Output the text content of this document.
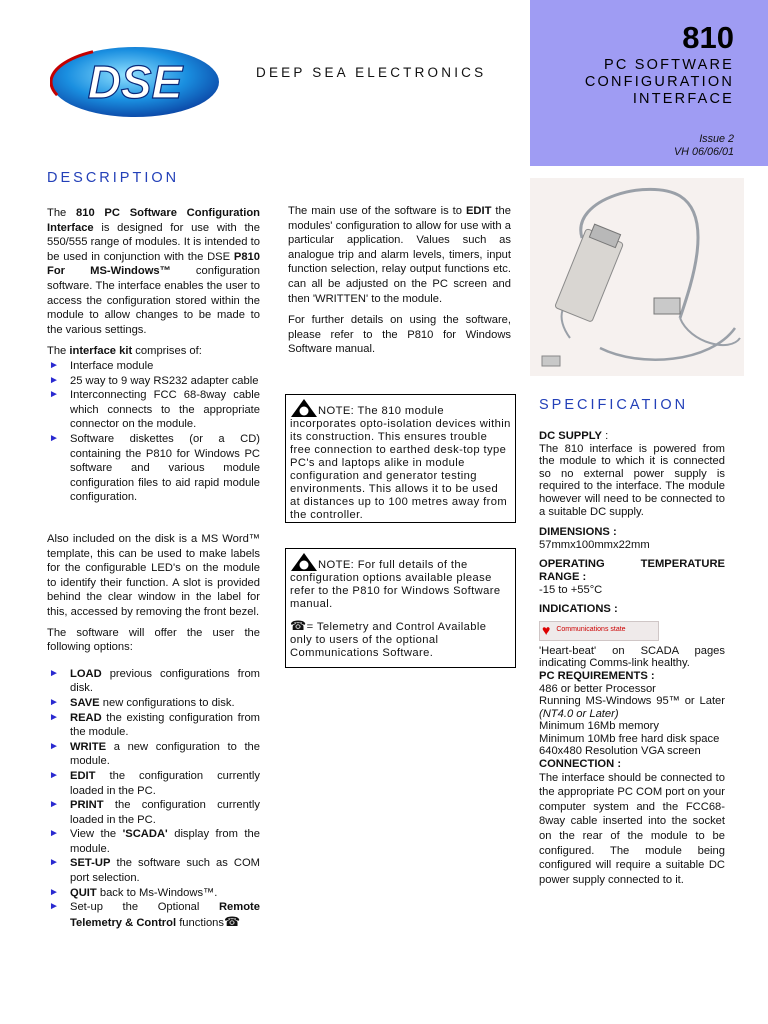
810
PC SOFTWARE
CONFIGURATION
INTERFACE
Issue 2
VH 06/06/01
DSE	DEEP SEA ELECTRONICS
DESCRIPTION

The 810 PC Software Configuration Interface is designed for use with the 550/555 range of modules. It is intended to be used in conjunction with the DSE P810 For MS-Windows™ configuration software. The interface enables the user to access the configuration stored within the module to allow changes to be made to the various settings.

The interface kit comprises of:

► Interface module
► 25 way to 9 way RS232 adapter cable
► Interconnecting FCC 68-8way cable which connects to the appropriate connector on the module.
► Software diskettes (or a CD) containing the P810 for Windows PC software and various module configuration files to aid rapid module configuration.

Also included on the disk is a MS Word™ template, this can be used to make labels for the configurable LED's on the module to identify their function. A slot is provided behind the clear window in the label for this, accessed by removing the front bezel.

The software will offer the user the following options:

► LOAD previous configurations from disk.
► SAVE new configurations to disk.
► READ the existing configuration from the module.
► WRITE a new configuration to the module.
► EDIT the configuration currently loaded in the PC.
► PRINT the configuration currently loaded in the PC.
► View the 'SCADA' display from the module.
► SET-UP the software such as COM port selection.
► QUIT back to Ms-Windows™.
► Set-up the Optional Remote Telemetry & Control functions☎

The main use of the software is to EDIT the modules' configuration to allow for use with a particular application. Values such as analogue trip and alarm levels, timers, input function selection, relay output functions etc. can all be adjusted on the PC screen and then 'WRITTEN' to the module.

For further details on using the software, please refer to the P810 for Windows Software manual.

NOTE: The 810 module incorporates opto-isolation devices within its construction. This ensures trouble free connection to earthed desk-top type PC's and laptops alike in module configuration and generator testing environments. This allows it to be used at distances up to 100 metres away from the controller.
NOTE: For full details of the configuration options available please refer to the P810 for Windows Software manual.
☎= Telemetry and Control Available only to users of the optional Communications Software.
SPECIFICATION
DC SUPPLY :

The 810 interface is powered from the module to which it is connected so no external power supply is required to the interface. The module however will need to be connected to a suitable DC supply.

DIMENSIONS :

57mmx100mmx22mm

OPERATING TEMPERATURE RANGE :

-15 to +55°C

INDICATIONS :
♥ Communications state
'Heart-beat' on SCADA pages indicating Comms-link healthy.
PC REQUIREMENTS :
486 or better Processor
Running MS-Windows 95™ or Later (NT4.0 or Later)
Minimum 16Mb memory
Minimum 10Mb free hard disk space
640x480 Resolution VGA screen
CONNECTION :

The interface should be connected to the appropriate PC COM port on your computer system and the FCC68-8way cable inserted into the socket on the rear of the module to be configured. The module being configured will require a suitable DC power supply connected to it.
